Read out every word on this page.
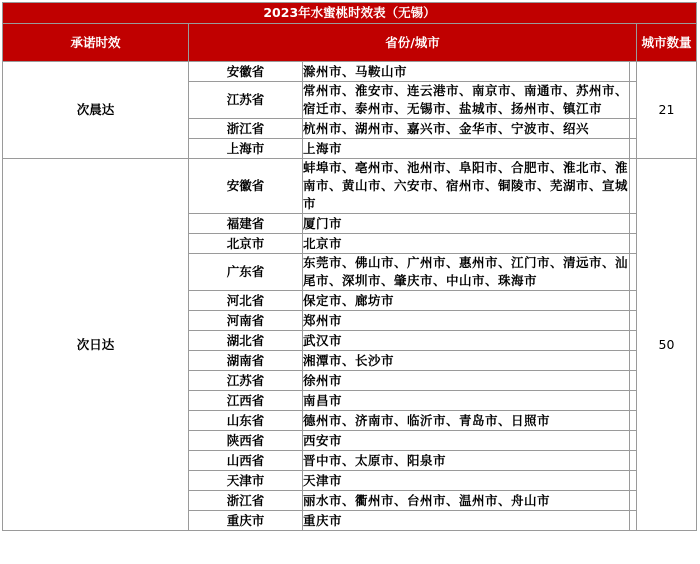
2023年水蜜桃时效表（无锡）				
承诺时效	省份/城市			城市数量
次晨达	安徽省	滁州市、马鞍山市		21
	江苏省	常州市、淮安市、连云港市、南京市、南通市、苏州市、宿迁市、泰州市、无锡市、盐城市、扬州市、镇江市		
	浙江省	杭州市、湖州市、嘉兴市、金华市、宁波市、绍兴		
	上海市	上海市		
次日达	安徽省	蚌埠市、亳州市、池州市、阜阳市、合肥市、淮北市、淮南市、黄山市、六安市、宿州市、铜陵市、芜湖市、宣城市		50
	福建省	厦门市		
	北京市	北京市		
	广东省	东莞市、佛山市、广州市、惠州市、江门市、清远市、汕尾市、深圳市、肇庆市、中山市、珠海市		
	河北省	保定市、廊坊市		
	河南省	郑州市		
	湖北省	武汉市		
	湖南省	湘潭市、长沙市		
	江苏省	徐州市		
	江西省	南昌市		
	山东省	德州市、济南市、临沂市、青岛市、日照市		
	陕西省	西安市		
	山西省	晋中市、太原市、阳泉市		
	天津市	天津市		
	浙江省	丽水市、衢州市、台州市、温州市、舟山市		
	重庆市	重庆市		
